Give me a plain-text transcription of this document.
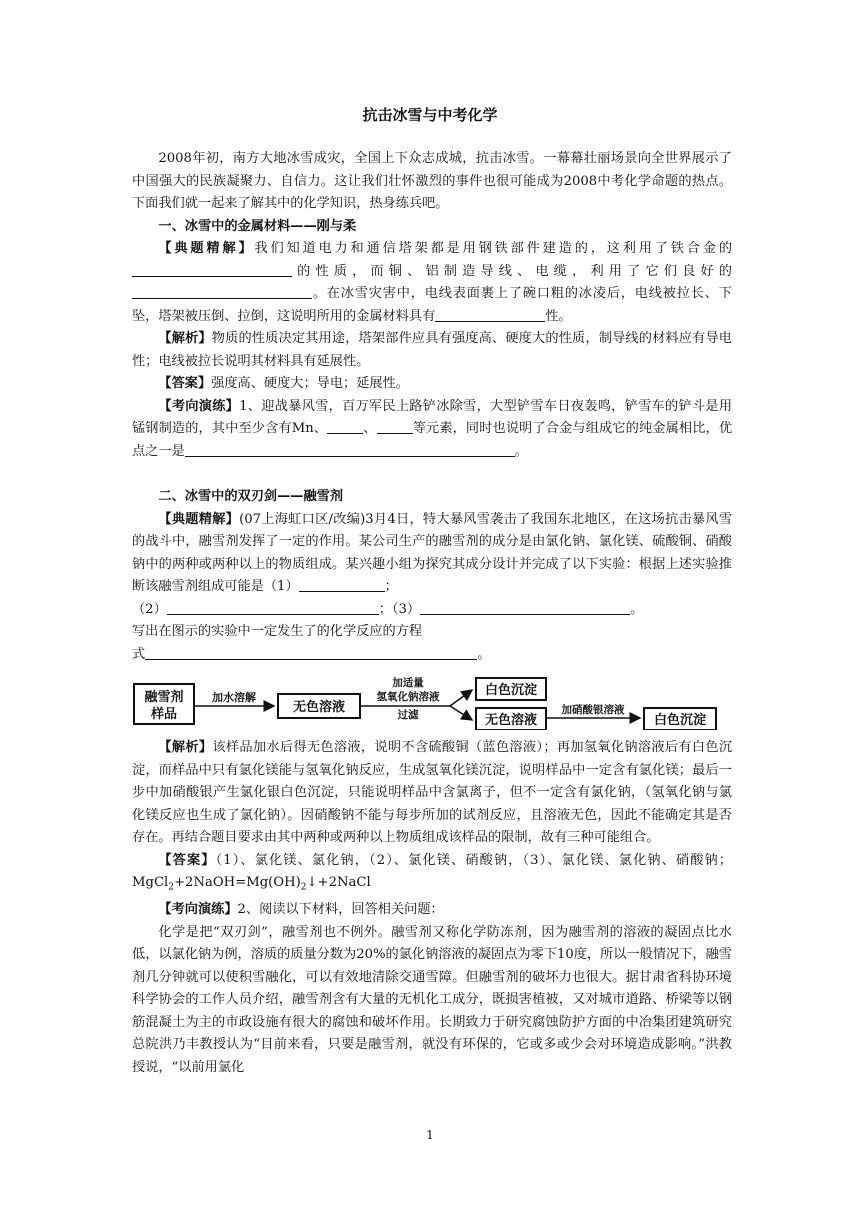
抗击冰雪与中考化学

2008年初，南方大地冰雪成灾，全国上下众志成城，抗击冰雪。一幕幕壮丽场景向全世界展示了中国强大的民族凝聚力、自信力。这让我们壮怀激烈的事件也很可能成为2008中考化学命题的热点。下面我们就一起来了解其中的化学知识，热身练兵吧。

一、冰雪中的金属材料——刚与柔

【典题精解】我们知道电力和通信塔架都是用钢铁部件建造的，这利用了铁合金的的性质，而铜、铝制造导线、电缆，利用了它们良好的。在冰雪灾害中，电线表面裹上了碗口粗的冰凌后，电线被拉长、下坠，塔架被压倒、拉倒，这说明所用的金属材料具有	性。

【解析】物质的性质决定其用途，塔架部件应具有强度高、硬度大的性质，制导线的材料应有导电性；电线被拉长说明其材料具有延展性。

【答案】强度高、硬度大；导电；延展性。

【考向演练】1、迎战暴风雪，百万军民上路铲冰除雪，大型铲雪车日夜轰鸣，铲雪车的铲斗是用锰钢制造的，其中至少含有Mn、	、	等元素，同时也说明了合金与组成它的纯金属相比，优点之一是	。

二、冰雪中的双刃剑——融雪剂

【典题精解】(07上海虹口区/改编)3月4日，特大暴风雪袭击了我国东北地区，在这场抗击暴风雪的战斗中，融雪剂发挥了一定的作用。某公司生产的融雪剂的成分是由氯化钠、氯化镁、硫酸铜、硝酸钠中的两种或两种以上的物质组成。某兴趣小组为探究其成分设计并完成了以下实验：根据上述实验推断该融雪剂组成可能是（1）	；

（2）	；（3）	。

写出在图示的实验中一定发生了的化学反应的方程

式	。

融雪剂
样品
加水溶解
无色溶液
加适量
氢氧化钠溶液
过滤
白色沉淀
无色溶液
加硝酸银溶液
白色沉淀

【解析】该样品加水后得无色溶液，说明不含硫酸铜（蓝色溶液）；再加氢氧化钠溶液后有白色沉淀，而样品中只有氯化镁能与氢氧化钠反应，生成氢氧化镁沉淀，说明样品中一定含有氯化镁；最后一步中加硝酸银产生氯化银白色沉淀，只能说明样品中含氯离子，但不一定含有氯化钠，（氢氧化钠与氯化镁反应也生成了氯化钠）。因硝酸钠不能与每步所加的试剂反应，且溶液无色，因此不能确定其是否存在。再结合题目要求由其中两种或两种以上物质组成该样品的限制，故有三种可能组合。

【答案】（1）、氯化镁、氯化钠，（2）、氯化镁、硝酸钠，（3）、氯化镁、氯化钠、硝酸钠；$MgCl_2+2NaOH=Mg(OH)_2↓+2NaCl$

【考向演练】2、阅读以下材料，回答相关问题：

化学是把“双刃剑”，融雪剂也不例外。融雪剂又称化学防冻剂，因为融雪剂的溶液的凝固点比水低，以氯化钠为例，溶质的质量分数为20%的氯化钠溶液的凝固点为零下10度，所以一般情况下，融雪剂几分钟就可以使积雪融化，可以有效地清除交通雪障。但融雪剂的破坏力也很大。据甘肃省科协环境科学协会的工作人员介绍，融雪剂含有大量的无机化工成分，既损害植被，又对城市道路、桥梁等以钢筋混凝土为主的市政设施有很大的腐蚀和破坏作用。长期致力于研究腐蚀防护方面的中冶集团建筑研究总院洪乃丰教授认为“目前来看，只要是融雪剂，就没有环保的，它或多或少会对环境造成影响。”洪教授说，“以前用氯化

1
